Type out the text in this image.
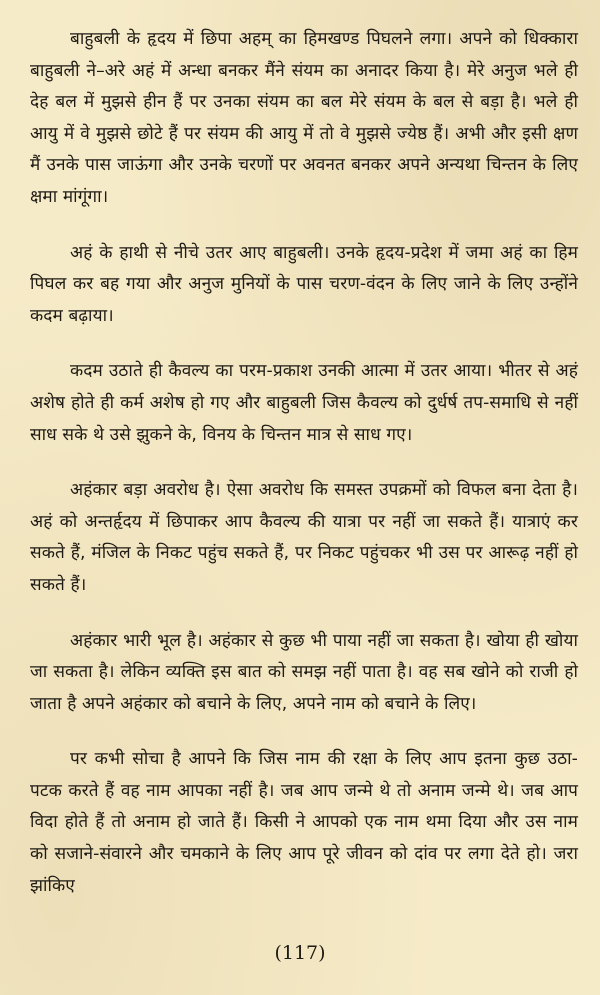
बाहुबली के हृदय में छिपा अहम् का हिमखण्ड पिघलने लगा। अपने को धिक्कारा बाहुबली ने–अरे अहं में अन्धा बनकर मैंने संयम का अनादर किया है। मेरे अनुज भले ही देह बल में मुझसे हीन हैं पर उनका संयम का बल मेरे संयम के बल से बड़ा है। भले ही आयु में वे मुझसे छोटे हैं पर संयम की आयु में तो वे मुझसे ज्येष्ठ हैं। अभी और इसी क्षण मैं उनके पास जाऊंगा और उनके चरणों पर अवनत बनकर अपने अन्यथा चिन्तन के लिए क्षमा मांगूंगा।

अहं के हाथी से नीचे उतर आए बाहुबली। उनके हृदय-प्रदेश में जमा अहं का हिम पिघल कर बह गया और अनुज मुनियों के पास चरण-वंदन के लिए जाने के लिए उन्होंने कदम बढ़ाया।

कदम उठाते ही कैवल्य का परम-प्रकाश उनकी आत्मा में उतर आया। भीतर से अहं अशेष होते ही कर्म अशेष हो गए और बाहुबली जिस कैवल्य को दुर्धर्ष तप-समाधि से नहीं साध सके थे उसे झुकने के, विनय के चिन्तन मात्र से साध गए।

अहंकार बड़ा अवरोध है। ऐसा अवरोध कि समस्त उपक्रमों को विफल बना देता है। अहं को अन्तर्हृदय में छिपाकर आप कैवल्य की यात्रा पर नहीं जा सकते हैं। यात्राएं कर सकते हैं, मंजिल के निकट पहुंच सकते हैं, पर निकट पहुंचकर भी उस पर आरूढ़ नहीं हो सकते हैं।

अहंकार भारी भूल है। अहंकार से कुछ भी पाया नहीं जा सकता है। खोया ही खोया जा सकता है। लेकिन व्यक्ति इस बात को समझ नहीं पाता है। वह सब खोने को राजी हो जाता है अपने अहंकार को बचाने के लिए, अपने नाम को बचाने के लिए।

पर कभी सोचा है आपने कि जिस नाम की रक्षा के लिए आप इतना कुछ उठा-पटक करते हैं वह नाम आपका नहीं है। जब आप जन्मे थे तो अनाम जन्मे थे। जब आप विदा होते हैं तो अनाम हो जाते हैं। किसी ने आपको एक नाम थमा दिया और उस नाम को सजाने-संवारने और चमकाने के लिए आप पूरे जीवन को दांव पर लगा देते हो। जरा झांकिए

(117)
